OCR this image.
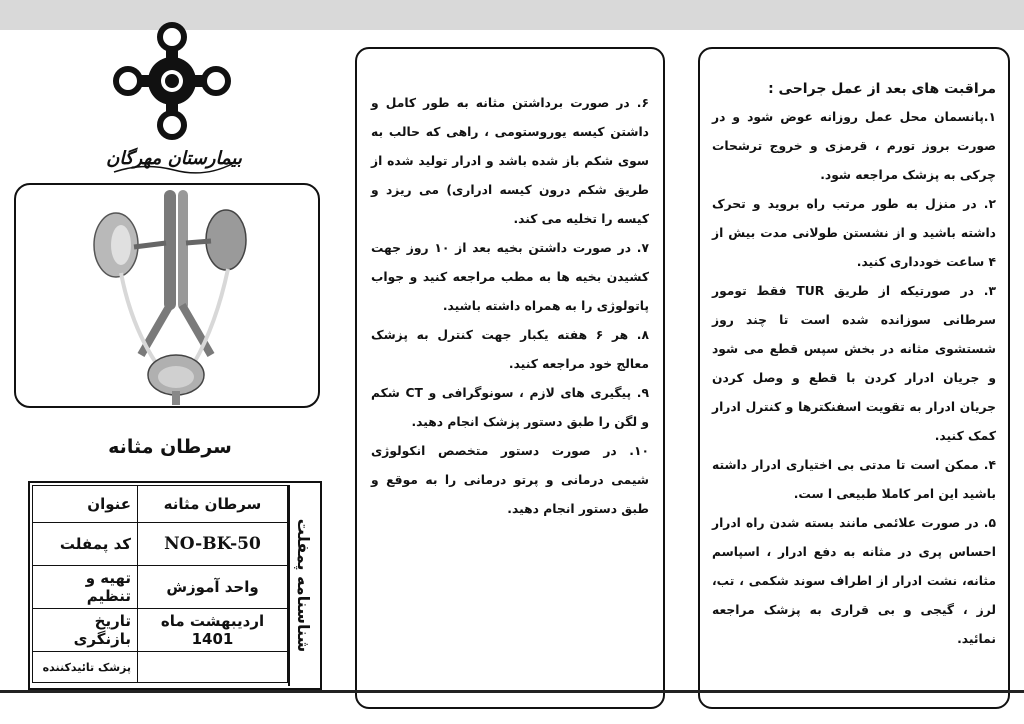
بیمارستان مهرگان
سرطان مثانه
عنوان	سرطان مثانه
کد پمفلت	NO-BK-50
تهیه و تنظیم	واحد آموزش
تاریخ بازنگری	اردیبهشت ماه 1401
پزشک تائیدکننده	
شناسنامه پمفلت

۶. در صورت برداشتن مثانه به طور کامل و داشتن کیسه یوروستومی ، راهی که حالب به سوی شکم باز شده باشد و ادرار تولید شده از طریق شکم درون کیسه ادراری) می ریزد و کیسه را تخلیه می کند.

۷. در صورت داشتن بخیه بعد از ۱۰ روز جهت کشیدن بخیه ها به مطب مراجعه کنید و جواب پاتولوژی را به همراه داشته باشید.

۸. هر ۶ هفته یکبار جهت کنترل به پزشک معالج خود مراجعه کنید.

۹. پیگیری های لازم ، سونوگرافی و CT شکم و لگن را طبق دستور پزشک انجام دهید.

۱۰. در صورت دستور متخصص انکولوژی شیمی درمانی و پرتو درمانی را به موقع و طبق دستور انجام دهید.

مراقبت های بعد از عمل جراحی :

۱.پانسمان محل عمل روزانه عوض شود و در صورت بروز تورم ، قرمزی و خروج ترشحات چرکی به پزشک مراجعه شود.

۲. در منزل به طور مرتب راه بروید و تحرک داشته باشید و از نشستن طولانی مدت بیش از ۴ ساعت خودداری کنید.

۳. در صورتیکه از طریق TUR فقط تومور سرطانی سوزانده شده است تا چند روز شستشوی مثانه در بخش سپس قطع می شود و جریان ادرار کردن با قطع و وصل کردن جریان ادرار به تقویت اسفنکترها و کنترل ادرار کمک کنید.

۴. ممکن است تا مدتی بی اختیاری ادرار داشته باشید این امر کاملا طبیعی ا ست.

۵. در صورت علائمی مانند بسته شدن راه ادرار احساس پری در مثانه به دفع ادرار ، اسپاسم مثانه، نشت ادرار از اطراف سوند شکمی ، تب، لرز ، گیجی و بی قراری به پزشک مراجعه نمائید.
